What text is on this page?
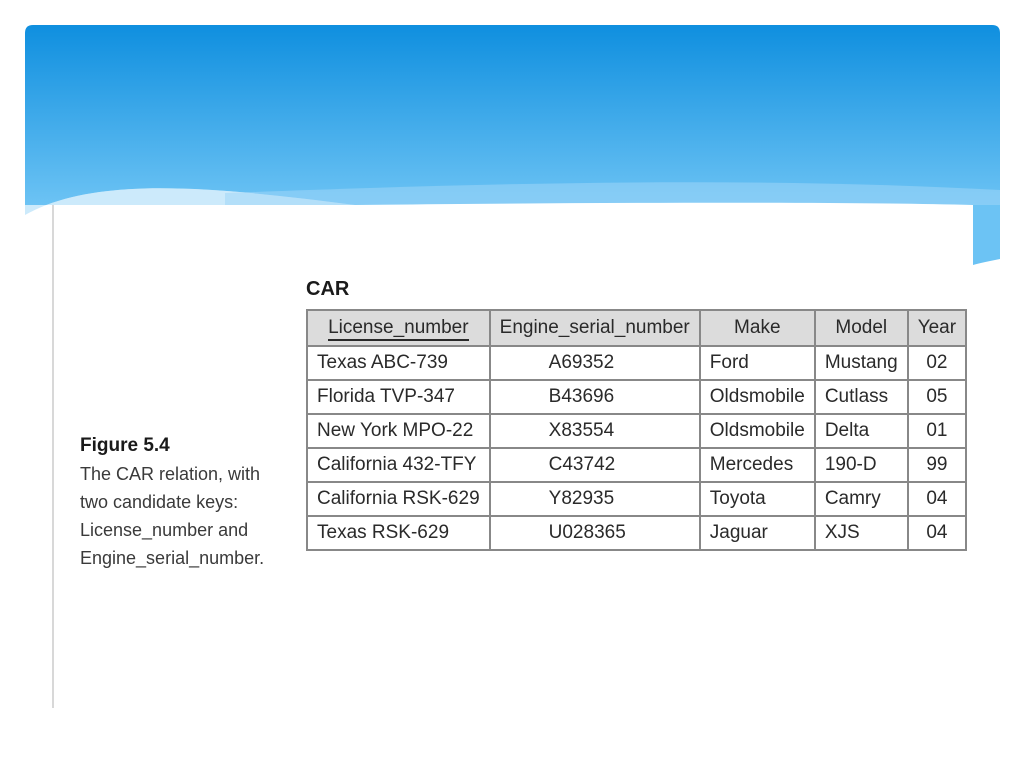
Figure 5.4
The CAR relation, with two candidate keys: License_number and Engine_serial_number.
CAR
License_number	Engine_serial_number	Make	Model	Year
Texas ABC-739	A69352	Ford	Mustang	02
Florida TVP-347	B43696	Oldsmobile	Cutlass	05
New York MPO-22	X83554	Oldsmobile	Delta	01
California 432-TFY	C43742	Mercedes	190-D	99
California RSK-629	Y82935	Toyota	Camry	04
Texas RSK-629	U028365	Jaguar	XJS	04
